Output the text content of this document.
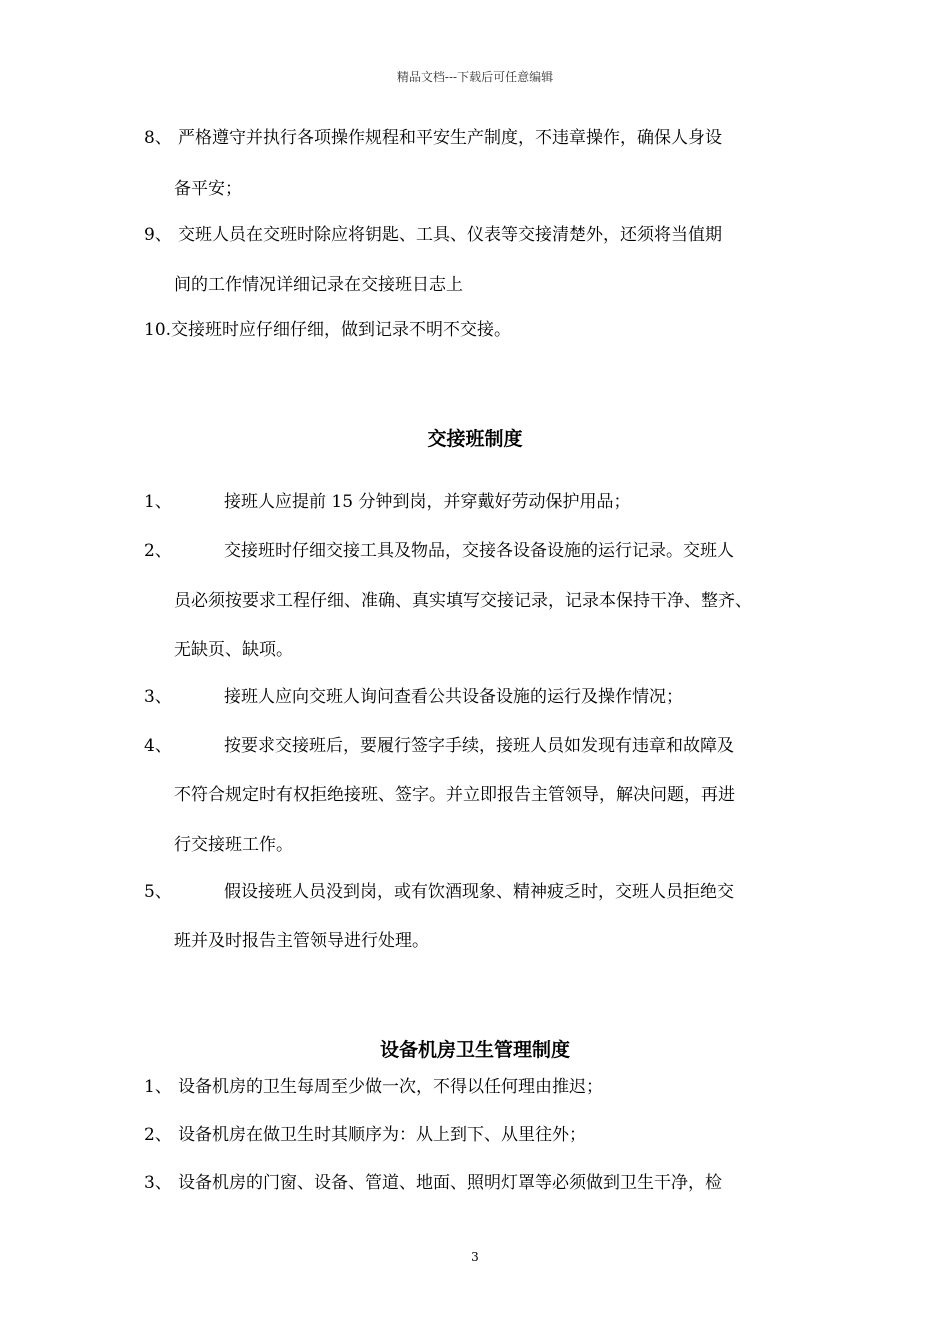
精品文档---下载后可任意编辑
8、 严格遵守并执行各项操作规程和平安生产制度，不违章操作，确保人身设
备平安；
9、 交班人员在交班时除应将钥匙、工具、仪表等交接清楚外，还须将当值期
间的工作情况详细记录在交接班日志上
10.交接班时应仔细仔细，做到记录不明不交接。
交接班制度
1、	接班人应提前 15 分钟到岗，并穿戴好劳动保护用品；
2、	交接班时仔细交接工具及物品，交接各设备设施的运行记录。交班人
员必须按要求工程仔细、准确、真实填写交接记录，记录本保持干净、整齐、
无缺页、缺项。
3、	接班人应向交班人询问查看公共设备设施的运行及操作情况；
4、	按要求交接班后，要履行签字手续，接班人员如发现有违章和故障及
不符合规定时有权拒绝接班、签字。并立即报告主管领导，解决问题，再进
行交接班工作。
5、	假设接班人员没到岗，或有饮酒现象、精神疲乏时，交班人员拒绝交
班并及时报告主管领导进行处理。
设备机房卫生管理制度
1、 设备机房的卫生每周至少做一次，不得以任何理由推迟；
2、 设备机房在做卫生时其顺序为：从上到下、从里往外；
3、 设备机房的门窗、设备、管道、地面、照明灯罩等必须做到卫生干净，检
3
